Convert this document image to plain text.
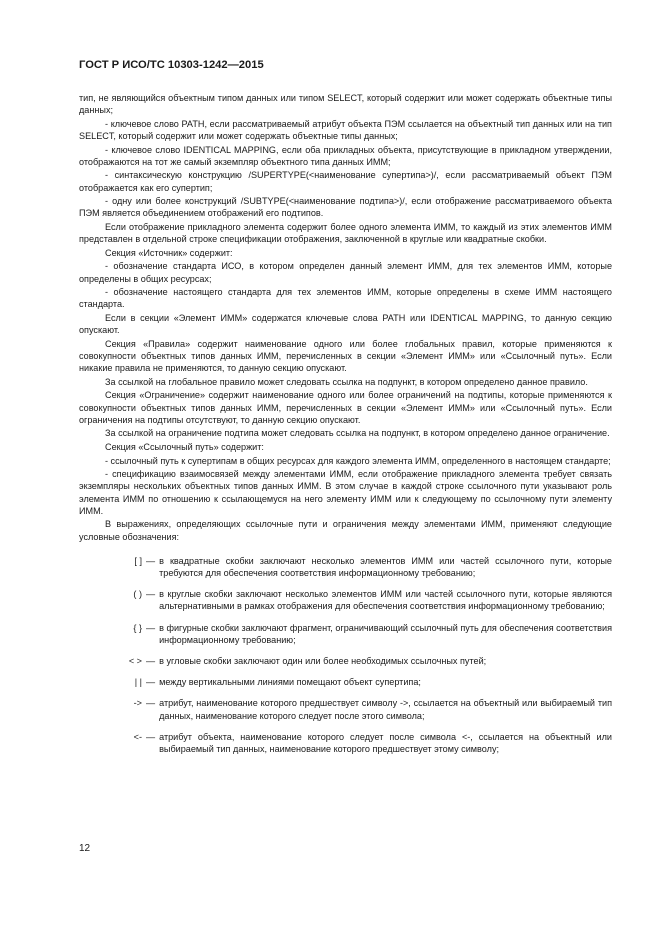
ГОСТ Р ИСО/ТС 10303-1242—2015

тип, не являющийся объектным типом данных или типом SELECT, который содержит или может содержать объектные типы данных;

- ключевое слово PATH, если рассматриваемый атрибут объекта ПЭМ ссылается на объектный тип данных или на тип SELECT, который содержит или может содержать объектные типы данных;

- ключевое слово IDENTICAL MAPPING, если оба прикладных объекта, присутствующие в прикладном утверждении, отображаются на тот же самый экземпляр объектного типа данных ИММ;

- синтаксическую конструкцию /SUPERTYPE(<наименование супертипа>)/, если рассматриваемый объект ПЭМ отображается как его супертип;

- одну или более конструкций /SUBTYPE(<наименование подтипа>)/, если отображение рассматриваемого объекта ПЭМ является объединением отображений его подтипов.

Если отображение прикладного элемента содержит более одного элемента ИММ, то каждый из этих элементов ИММ представлен в отдельной строке спецификации отображения, заключенной в круглые или квадратные скобки.

Секция «Источник» содержит:

- обозначение стандарта ИСО, в котором определен данный элемент ИММ, для тех элементов ИММ, которые определены в общих ресурсах;

- обозначение настоящего стандарта для тех элементов ИММ, которые определены в схеме ИММ настоящего стандарта.

Если в секции «Элемент ИММ» содержатся ключевые слова PATH или IDENTICAL MAPPING, то данную секцию опускают.

Секция «Правила» содержит наименование одного или более глобальных правил, которые применяются к совокупности объектных типов данных ИММ, перечисленных в секции «Элемент ИММ» или «Ссылочный путь». Если никакие правила не применяются, то данную секцию опускают.

За ссылкой на глобальное правило может следовать ссылка на подпункт, в котором определено данное правило.

Секция «Ограничение» содержит наименование одного или более ограничений на подтипы, которые применяются к совокупности объектных типов данных ИММ, перечисленных в секции «Элемент ИММ» или «Ссылочный путь». Если ограничения на подтипы отсутствуют, то данную секцию опускают.

За ссылкой на ограничение подтипа может следовать ссылка на подпункт, в котором определено данное ограничение.

Секция «Ссылочный путь» содержит:

- ссылочный путь к супертипам в общих ресурсах для каждого элемента ИММ, определенного в настоящем стандарте;

- спецификацию взаимосвязей между элементами ИММ, если отображение прикладного элемента требует связать экземпляры нескольких объектных типов данных ИММ. В этом случае в каждой строке ссылочного пути указывают роль элемента ИММ по отношению к ссылающемуся на него элементу ИММ или к следующему по ссылочному пути элементу ИММ.

В выражениях, определяющих ссылочные пути и ограничения между элементами ИММ, применяют следующие условные обозначения:

[ ] — в квадратные скобки заключают несколько элементов ИММ или частей ссылочного пути, которые требуются для обеспечения соответствия информационному требованию;
( ) — в круглые скобки заключают несколько элементов ИММ или частей ссылочного пути, которые являются альтернативными в рамках отображения для обеспечения соответствия информационному требованию;
{ } — в фигурные скобки заключают фрагмент, ограничивающий ссылочный путь для обеспечения соответствия информационному требованию;
< > — в угловые скобки заключают один или более необходимых ссылочных путей;
| | — между вертикальными линиями помещают объект супертипа;
-> — атрибут, наименование которого предшествует символу ->, ссылается на объектный или выбираемый тип данных, наименование которого следует после этого символа;
<- — атрибут объекта, наименование которого следует после символа <-, ссылается на объектный или выбираемый тип данных, наименование которого предшествует этому символу;
12
